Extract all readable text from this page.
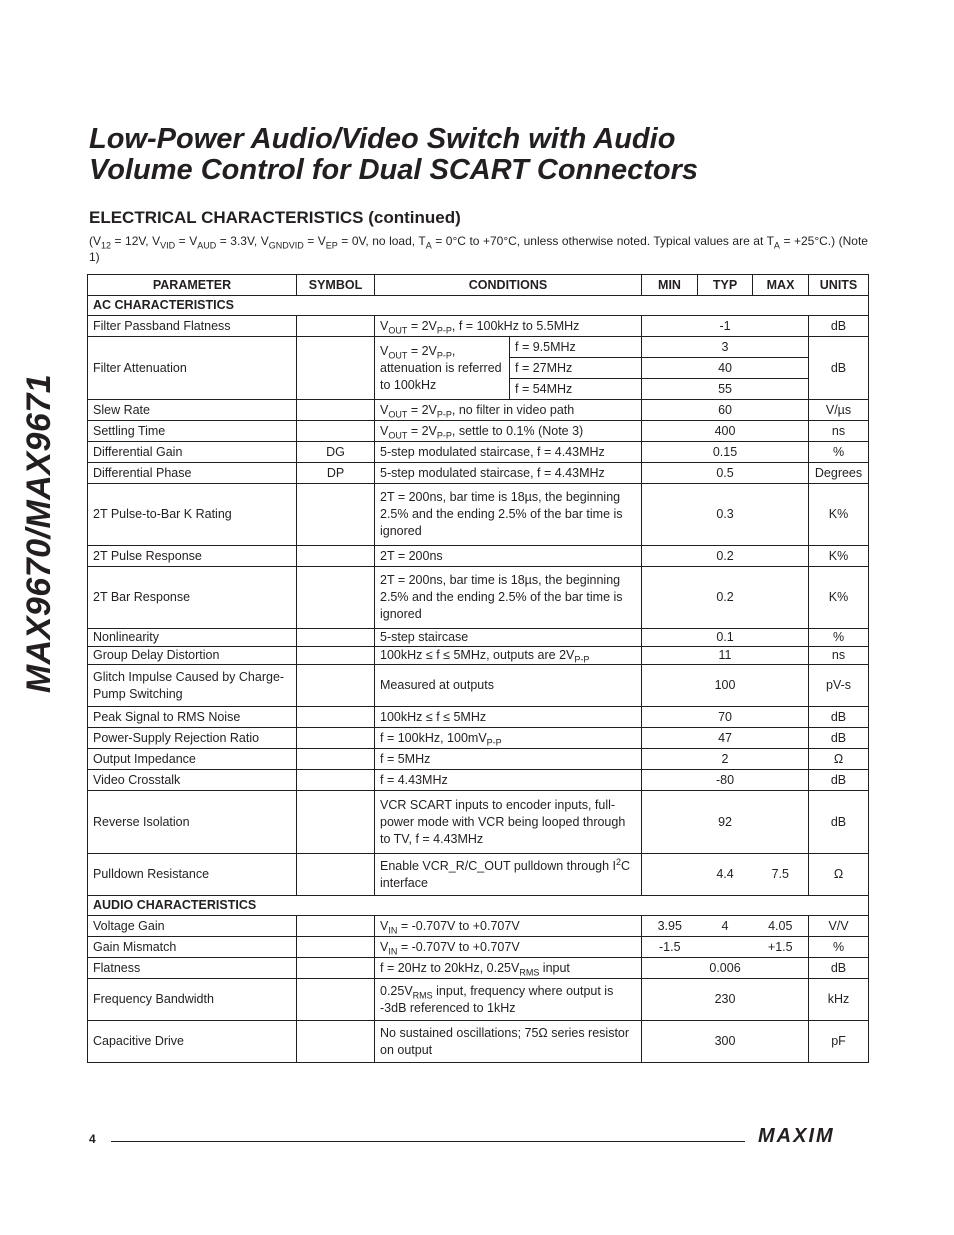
MAX9670/MAX9671
Low-Power Audio/Video Switch with Audio
Volume Control for Dual SCART Connectors
ELECTRICAL CHARACTERISTICS (continued)

($V_{12} = 12V$, $V_{VID} = V_{AUD} = 3.3V$, $V_{GNDVID} = V_{EP} = 0V$, no load, $T_A = 0^\circ C$ to +70°C, unless otherwise noted. Typical values are at $T_A = +25^\circ C$.) (Note 1)

PARAMETER	SYMBOL	CONDITIONS		MIN	TYP	MAX	UNITS
AC CHARACTERISTICS							
Filter Passband Flatness		$V_{OUT} = 2V_{P-P}$, f = 100kHz to 5.5MHz			-1		dB
Filter Attenuation		$V_{OUT} = 2V_{P-P}$, attenuation is referred to 100kHz	f = 9.5MHz		3		dB
			f = 27MHz		40		
			f = 54MHz		55		
Slew Rate		$V_{OUT} = 2V_{P-P}$, no filter in video path			60		V/µs
Settling Time		$V_{OUT} = 2V_{P-P}$, settle to 0.1% (Note 3)			400		ns
Differential Gain	DG	5-step modulated staircase, f = 4.43MHz			0.15		%
Differential Phase	DP	5-step modulated staircase, f = 4.43MHz			0.5		Degrees
2T Pulse-to-Bar K Rating		2T = 200ns, bar time is 18µs, the beginning 2.5% and the ending 2.5% of the bar time is ignored			0.3		K%
2T Pulse Response		2T = 200ns			0.2		K%
2T Bar Response		2T = 200ns, bar time is 18µs, the beginning 2.5% and the ending 2.5% of the bar time is ignored			0.2		K%
Nonlinearity		5-step staircase			0.1		%
Group Delay Distortion		100kHz ≤ f ≤ 5MHz, outputs are $2V_{P-P}$			11		ns
Glitch Impulse Caused by Charge-Pump Switching		Measured at outputs			100		pV-s
Peak Signal to RMS Noise		100kHz ≤ f ≤ 5MHz			70		dB
Power-Supply Rejection Ratio		f = 100kHz, $100mV_{P-P}$			47		dB
Output Impedance		f = 5MHz			2		Ω
Video Crosstalk		f = 4.43MHz			-80		dB
Reverse Isolation		VCR SCART inputs to encoder inputs, full-power mode with VCR being looped through to TV, f = 4.43MHz			92		dB
Pulldown Resistance		Enable VCR_R/C_OUT pulldown through $I^2C$ interface			4.4	7.5	Ω
AUDIO CHARACTERISTICS							
Voltage Gain		$V_{IN} = -0.707V$ to +0.707V		3.95	4	4.05	V/V
Gain Mismatch		$V_{IN} = -0.707V$ to +0.707V		-1.5		+1.5	%
Flatness		f = 20Hz to 20kHz, $0.25V_{RMS}$ input			0.006		dB
Frequency Bandwidth		$0.25V_{RMS}$ input, frequency where output is -3dB referenced to 1kHz			230		kHz
Capacitive Drive		No sustained oscillations; 75Ω series resistor on output			300		pF
4	MAXIM
